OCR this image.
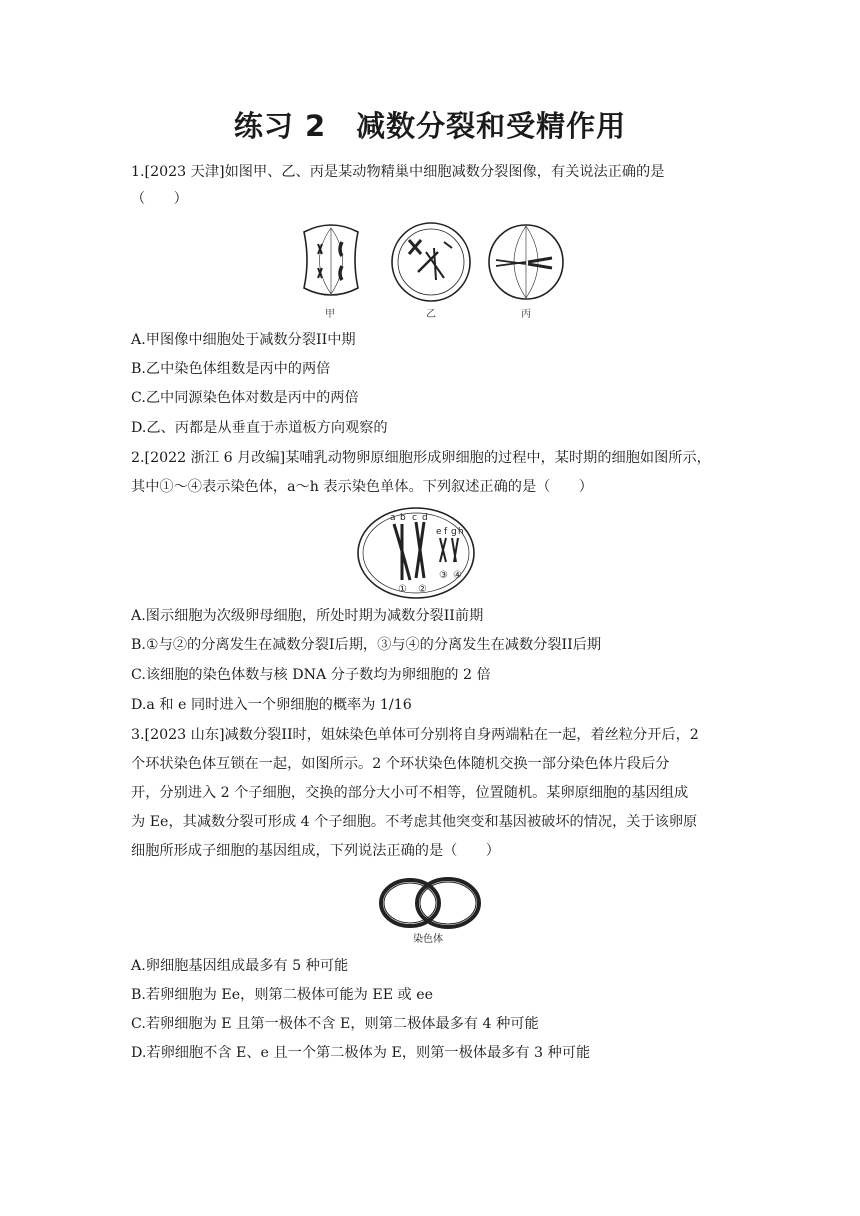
练习 2　减数分裂和受精作用
1.[2023 天津]如图甲、乙、丙是某动物精巢中细胞减数分裂图像，有关说法正确的是
（　　）
甲	乙	丙
A.甲图像中细胞处于减数分裂II中期
B.乙中染色体组数是丙中的两倍
C.乙中同源染色体对数是丙中的两倍
D.乙、丙都是从垂直于赤道板方向观察的
2.[2022 浙江 6 月改编]某哺乳动物卵原细胞形成卵细胞的过程中，某时期的细胞如图所示，
其中①～④表示染色体，a～h 表示染色单体。下列叙述正确的是（　　）
a b c d
e f g h
① ②
③ ④
A.图示细胞为次级卵母细胞，所处时期为减数分裂II前期
B.①与②的分离发生在减数分裂I后期，③与④的分离发生在减数分裂II后期
C.该细胞的染色体数与核 DNA 分子数均为卵细胞的 2 倍
D.a 和 e 同时进入一个卵细胞的概率为 1/16
3.[2023 山东]减数分裂II时，姐妹染色单体可分别将自身两端粘在一起，着丝粒分开后，2
个环状染色体互锁在一起，如图所示。2 个环状染色体随机交换一部分染色体片段后分
开，分别进入 2 个子细胞，交换的部分大小可不相等，位置随机。某卵原细胞的基因组成
为 Ee，其减数分裂可形成 4 个子细胞。不考虑其他突变和基因被破坏的情况，关于该卵原
细胞所形成子细胞的基因组成，下列说法正确的是（　　）
染色体
A.卵细胞基因组成最多有 5 种可能
B.若卵细胞为 Ee，则第二极体可能为 EE 或 ee
C.若卵细胞为 E 且第一极体不含 E，则第二极体最多有 4 种可能
D.若卵细胞不含 E、e 且一个第二极体为 E，则第一极体最多有 3 种可能
